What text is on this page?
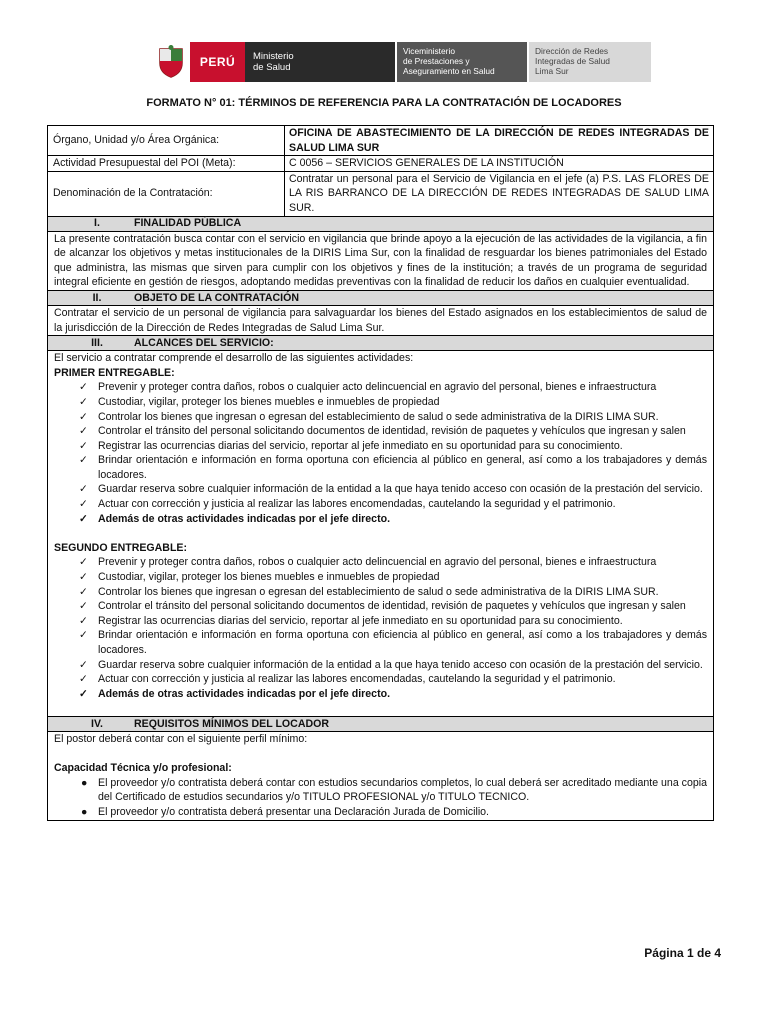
PERÚ	Ministerio
de Salud
Viceministerio
de Prestaciones y
Aseguramiento en Salud
Dirección de Redes
Integradas de Salud
Lima Sur
FORMATO N° 01: TÉRMINOS DE REFERENCIA PARA LA CONTRATACIÓN DE LOCADORES
Órgano, Unidad y/o Área Orgánica:
OFICINA DE ABASTECIMIENTO DE LA DIRECCIÓN DE REDES INTEGRADAS DE SALUD LIMA SUR
Actividad Presupuestal del POI (Meta):	C 0056 – SERVICIOS GENERALES DE LA INSTITUCIÓN
Denominación de la Contratación:
Contratar un personal para el Servicio de Vigilancia en el jefe (a) P.S. LAS FLORES DE LA RIS BARRANCO DE LA DIRECCIÓN DE REDES INTEGRADAS DE SALUD LIMA SUR.
I.	FINALIDAD PÚBLICA
La presente contratación busca contar con el servicio en vigilancia que brinde apoyo a la ejecución de las actividades de la vigilancia, a fin de alcanzar los objetivos y metas institucionales de la DIRIS Lima Sur, con la finalidad de resguardar los bienes patrimoniales del Estado que administra, las mismas que sirven para cumplir con los objetivos y fines de la institución; a través de un programa de seguridad integral eficiente en gestión de riesgos, adoptando medidas preventivas con la finalidad de reducir los daños en cualquier eventualidad.
II.	OBJETO DE LA CONTRATACIÓN
Contratar el servicio de un personal de vigilancia para salvaguardar los bienes del Estado asignados en los establecimientos de salud de la jurisdicción de la Dirección de Redes Integradas de Salud Lima Sur.
III.	ALCANCES DEL SERVICIO:
El servicio a contratar comprende el desarrollo de las siguientes actividades:
PRIMER ENTREGABLE:
✓ Prevenir y proteger contra daños, robos o cualquier acto delincuencial en agravio del personal, bienes e infraestructura
✓ Custodiar, vigilar, proteger los bienes muebles e inmuebles de propiedad
✓ Controlar los bienes que ingresan o egresan del establecimiento de salud o sede administrativa de la DIRIS LIMA SUR.
✓ Controlar el tránsito del personal solicitando documentos de identidad, revisión de paquetes y vehículos que ingresan y salen
✓ Registrar las ocurrencias diarias del servicio, reportar al jefe inmediato en su oportunidad para su conocimiento.
✓ Brindar orientación e información en forma oportuna con eficiencia al público en general, así como a los trabajadores y demás locadores.
✓ Guardar reserva sobre cualquier información de la entidad a la que haya tenido acceso con ocasión de la prestación del servicio.
✓ Actuar con corrección y justicia al realizar las labores encomendadas, cautelando la seguridad y el patrimonio.
✓ Además de otras actividades indicadas por el jefe directo.
SEGUNDO ENTREGABLE:
✓ Prevenir y proteger contra daños, robos o cualquier acto delincuencial en agravio del personal, bienes e infraestructura
✓ Custodiar, vigilar, proteger los bienes muebles e inmuebles de propiedad
✓ Controlar los bienes que ingresan o egresan del establecimiento de salud o sede administrativa de la DIRIS LIMA SUR.
✓ Controlar el tránsito del personal solicitando documentos de identidad, revisión de paquetes y vehículos que ingresan y salen
✓ Registrar las ocurrencias diarias del servicio, reportar al jefe inmediato en su oportunidad para su conocimiento.
✓ Brindar orientación e información en forma oportuna con eficiencia al público en general, así como a los trabajadores y demás locadores.
✓ Guardar reserva sobre cualquier información de la entidad a la que haya tenido acceso con ocasión de la prestación del servicio.
✓ Actuar con corrección y justicia al realizar las labores encomendadas, cautelando la seguridad y el patrimonio.
✓ Además de otras actividades indicadas por el jefe directo.
IV.	REQUISITOS MÍNIMOS DEL LOCADOR
El postor deberá contar con el siguiente perfil mínimo:
Capacidad Técnica y/o profesional:
● El proveedor y/o contratista deberá contar con estudios secundarios completos, lo cual deberá ser acreditado mediante una copia del Certificado de estudios secundarios y/o TITULO PROFESIONAL y/o TITULO TECNICO.
● El proveedor y/o contratista deberá presentar una Declaración Jurada de Domicilio.
Página 1 de 4
